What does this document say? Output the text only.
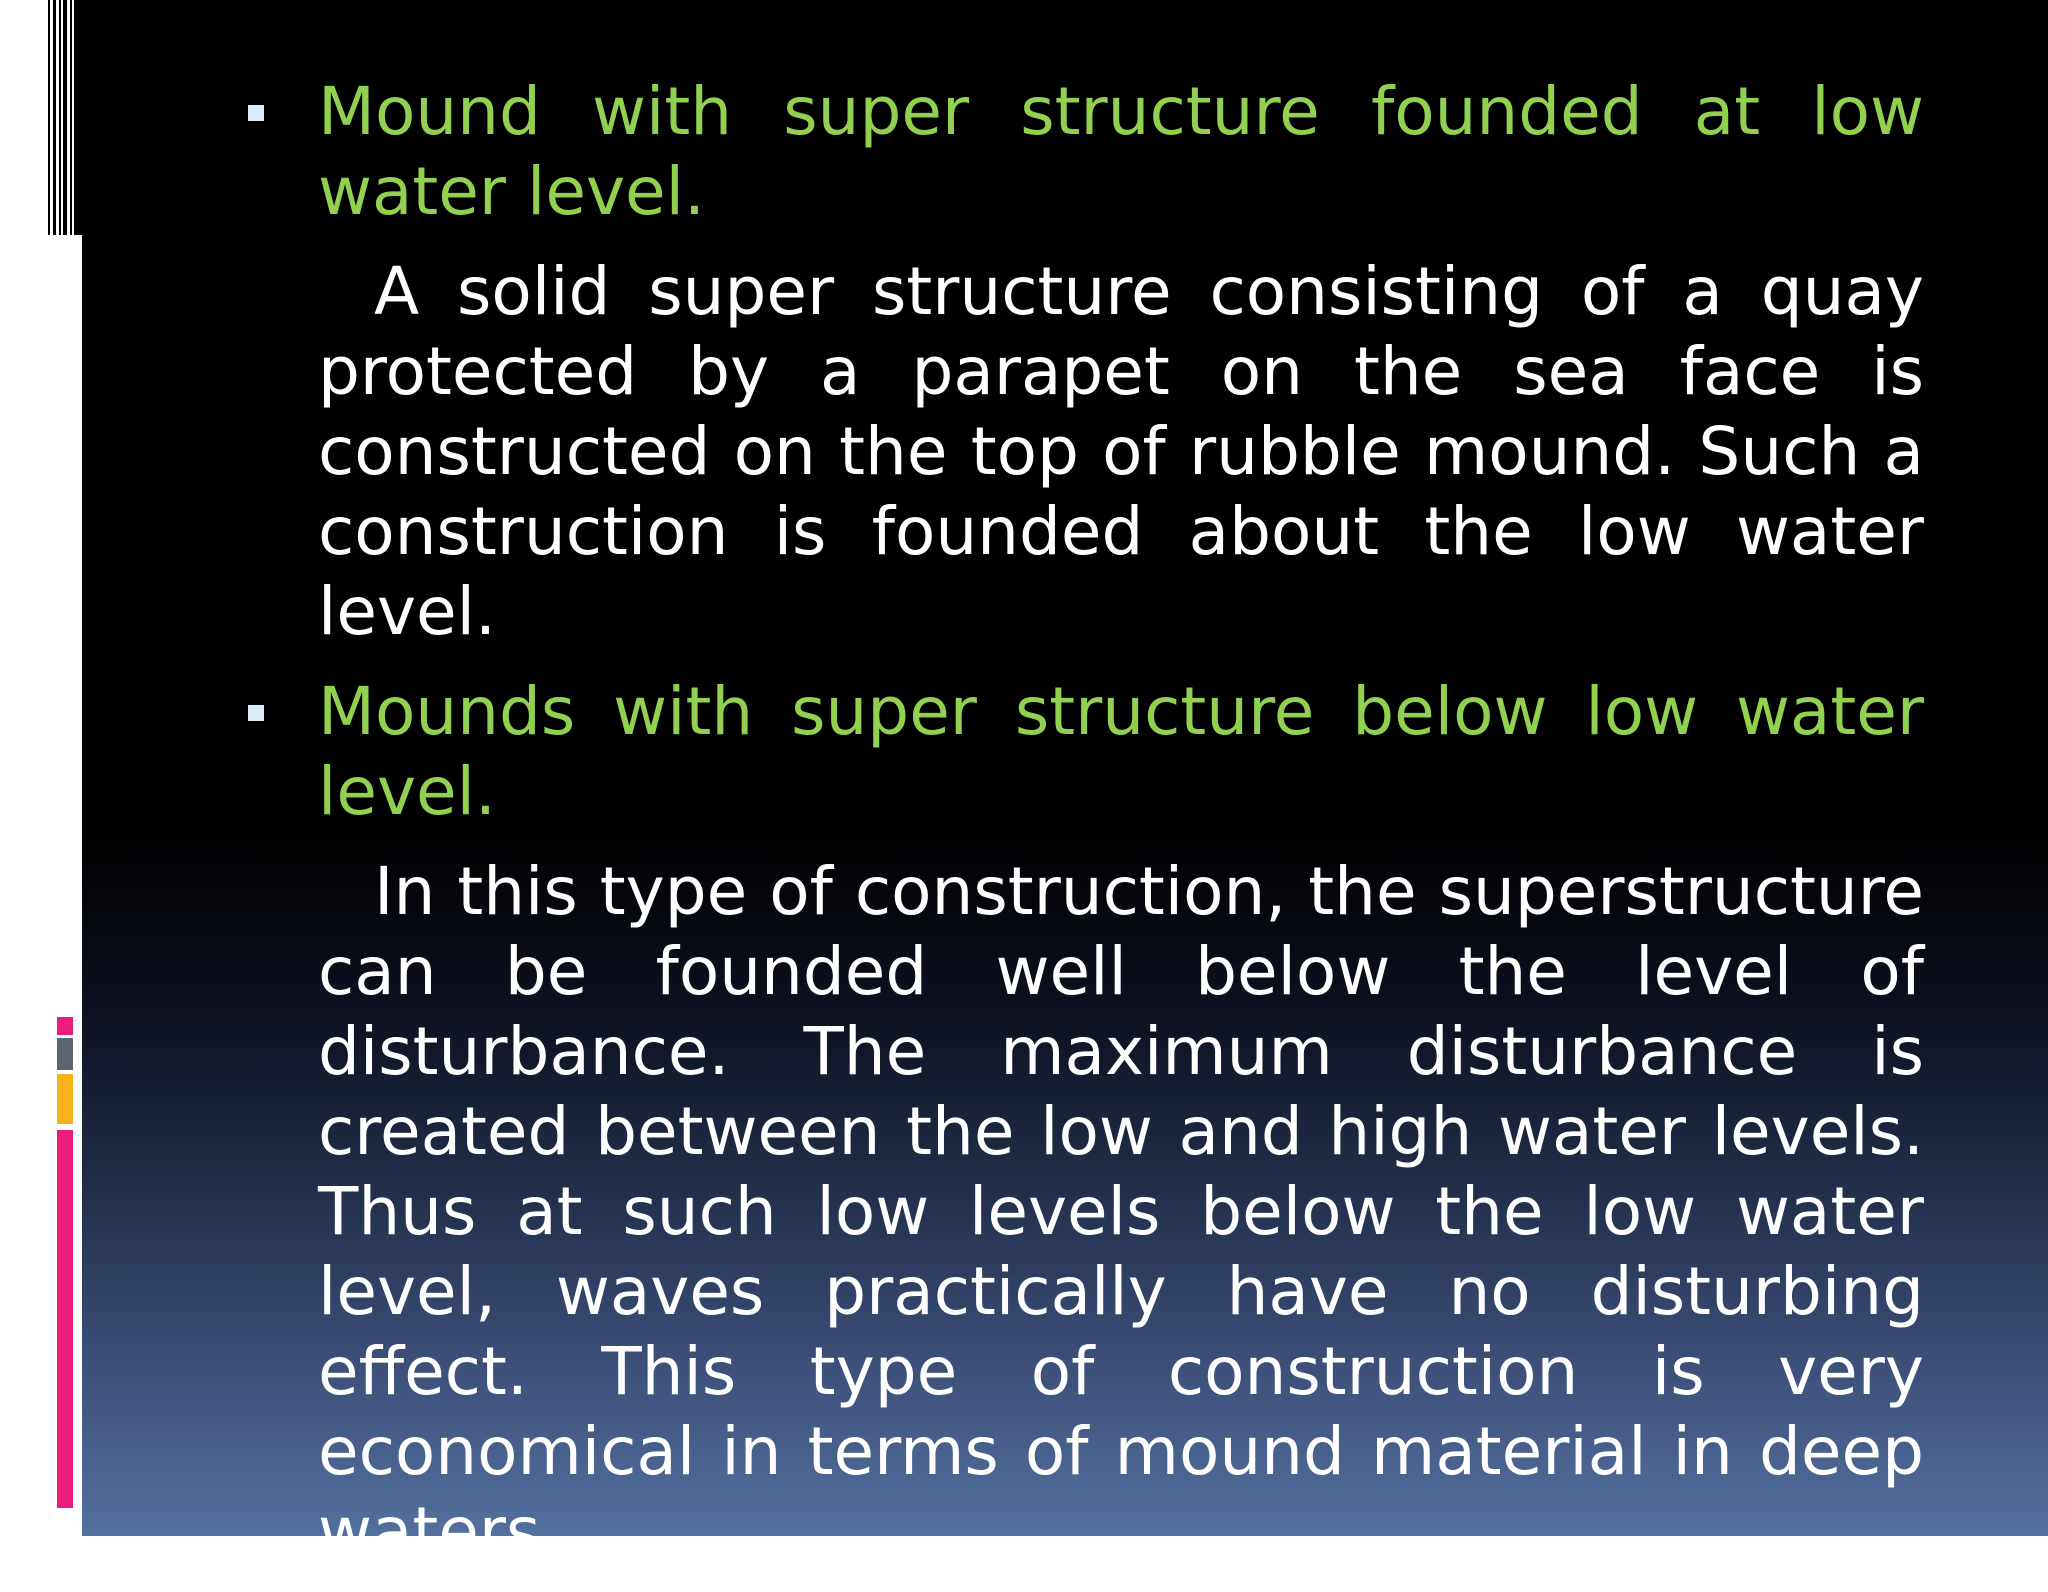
Mound with super structure founded at low water level.

A solid super structure consisting of a quay protected by a parapet on the sea face is constructed on the top of rubble mound. Such a construction is founded about the low water level.

Mounds with super structure below low water level.

In this type of construction, the superstructure can be founded well below the level of disturbance. The maximum disturbance is created between the low and high water levels. Thus at such low levels below the low water level, waves practically have no disturbing effect. This type of construction is very economical in terms of mound material in deep waters.
